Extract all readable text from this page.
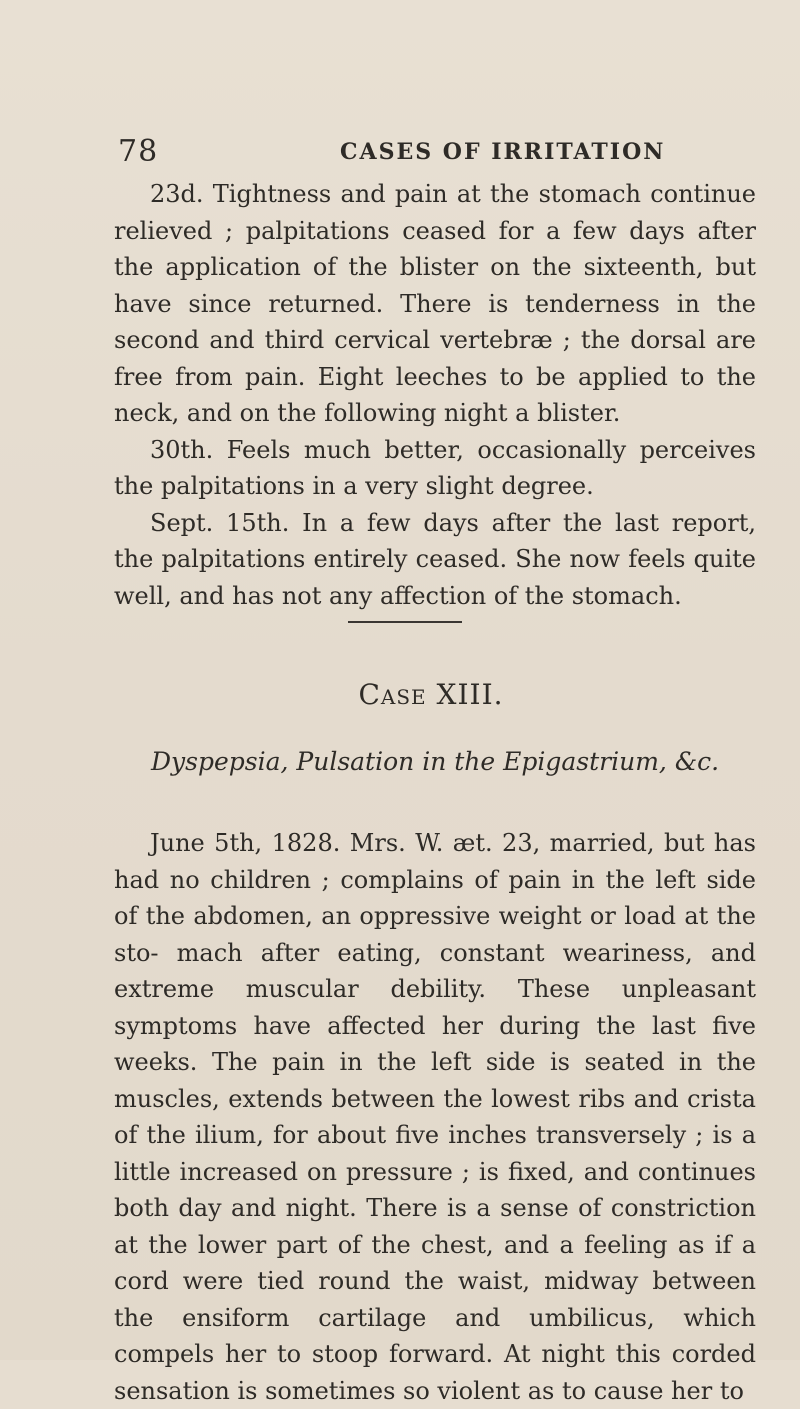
78	CASES OF IRRITATION

23d. Tightness and pain at the stomach continue relieved ; palpitations ceased for a few days after the application of the blister on the sixteenth, but have since returned. There is tenderness in the second and third cervical vertebræ ; the dorsal are free from pain. Eight leeches to be applied to the neck, and on the following night a blister.

30th. Feels much better, occasionally perceives the palpitations in a very slight degree.

Sept. 15th. In a few days after the last report, the palpitations entirely ceased. She now feels quite well, and has not any affection of the stomach.

Case XIII.
Dyspepsia, Pulsation in the Epigastrium, &c.

June 5th, 1828. Mrs. W. æt. 23, married, but has had no children ; complains of pain in the left side of the abdomen, an oppressive weight or load at the sto- mach after eating, constant weariness, and extreme muscular debility. These unpleasant symptoms have affected her during the last five weeks. The pain in the left side is seated in the muscles, extends between the lowest ribs and crista of the ilium, for about five inches transversely ; is a little increased on pressure ; is fixed, and continues both day and night. There is a sense of constriction at the lower part of the chest, and a feeling as if a cord were tied round the waist, midway between the ensiform cartilage and umbilicus, which compels her to stoop forward. At night this corded sensation is sometimes so violent as to cause her to
